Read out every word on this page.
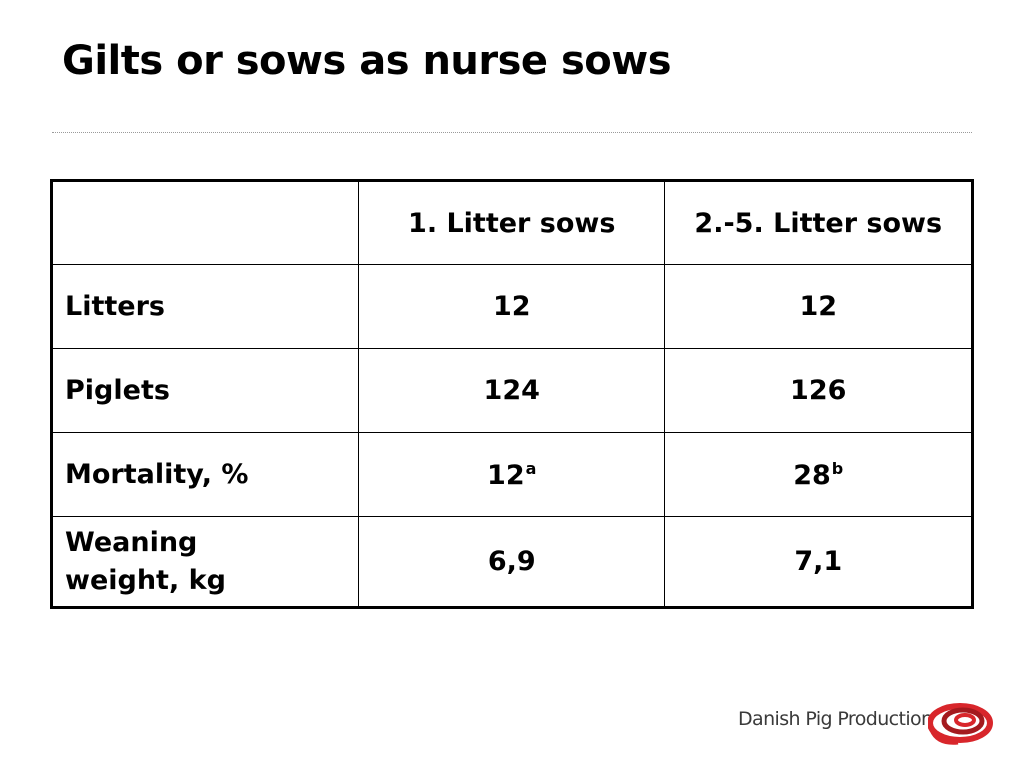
Gilts or sows as nurse sows
	1. Litter sows	2.-5. Litter sows
Litters	12	12
Piglets	124	126
Mortality, %	12$^a$	28$^b$
Weaning
weight, kg	6,9	7,1
Danish Pig Production
